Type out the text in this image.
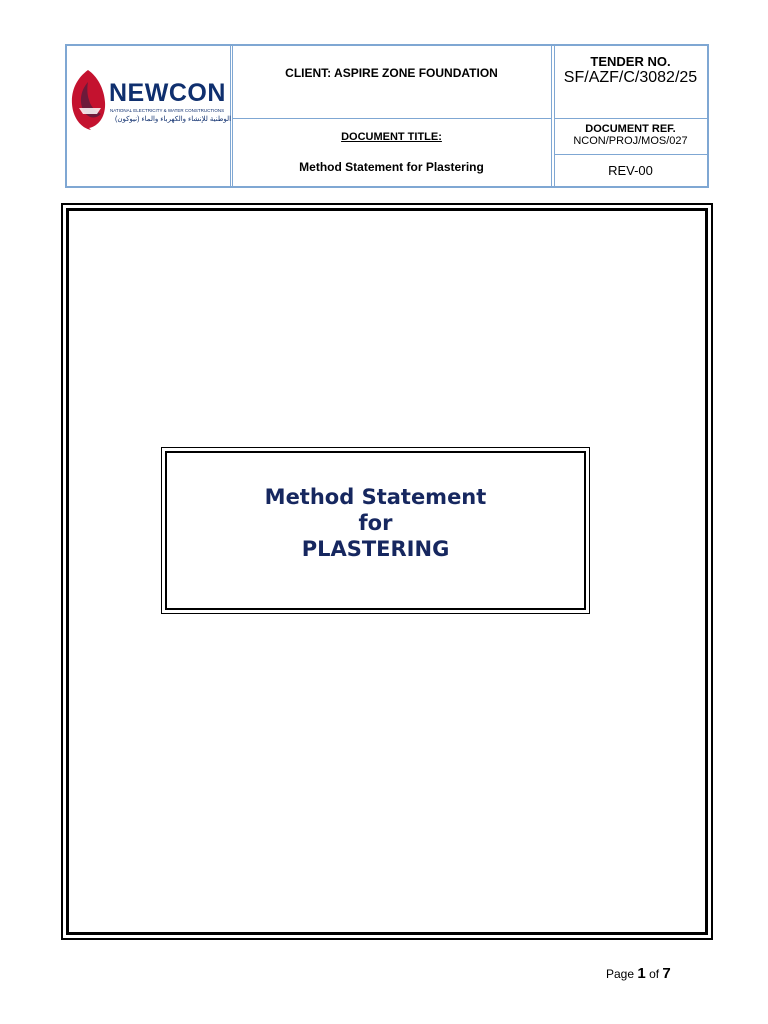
NEWCON
NATIONAL ELECTRICITY & WATER CONSTRUCTIONS
الوطنية للإنشاء والكهرباء والماء (نيوكون)
CLIENT: ASPIRE ZONE FOUNDATION
DOCUMENT TITLE:
Method Statement for Plastering
TENDER NO.
SF/AZF/C/3082/25
DOCUMENT REF.
NCON/PROJ/MOS/027
REV-00
Method Statement
for
PLASTERING
Page 1 of 7
